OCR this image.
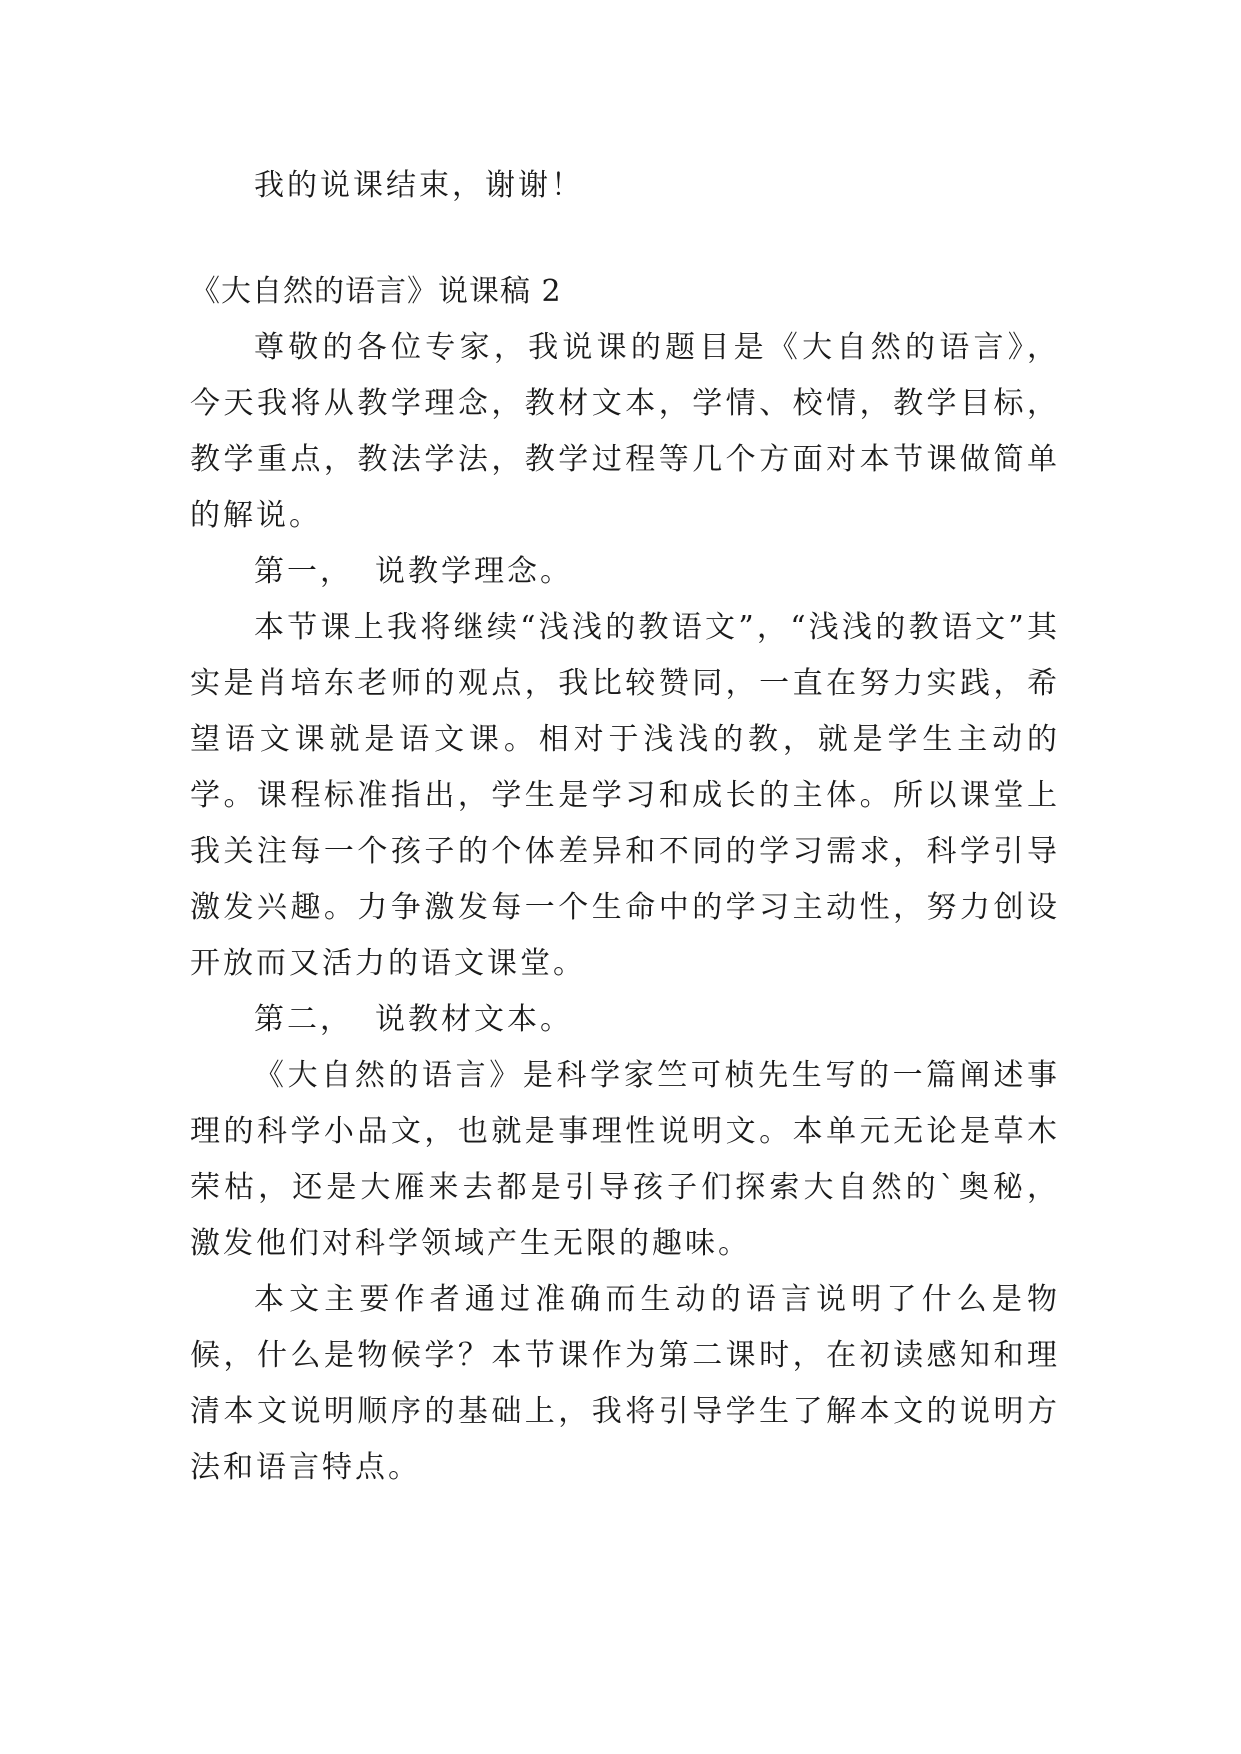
我的说课结束，谢谢！

《大自然的语言》说课稿 2

尊敬的各位专家，我说课的题目是《大自然的语言》，今天我将从教学理念，教材文本，学情、校情，教学目标，教学重点，教法学法，教学过程等几个方面对本节课做简单的解说。

第一， 说教学理念。

本节课上我将继续“浅浅的教语文”，“浅浅的教语文”其实是肖培东老师的观点，我比较赞同，一直在努力实践，希望语文课就是语文课。相对于浅浅的教，就是学生主动的学。课程标准指出，学生是学习和成长的主体。所以课堂上我关注每一个孩子的个体差异和不同的学习需求，科学引导激发兴趣。力争激发每一个生命中的学习主动性，努力创设开放而又活力的语文课堂。

第二， 说教材文本。

《大自然的语言》是科学家竺可桢先生写的一篇阐述事理的科学小品文，也就是事理性说明文。本单元无论是草木荣枯，还是大雁来去都是引导孩子们探索大自然的`奥秘，激发他们对科学领域产生无限的趣味。

本文主要作者通过准确而生动的语言说明了什么是物候，什么是物候学？本节课作为第二课时，在初读感知和理清本文说明顺序的基础上，我将引导学生了解本文的说明方法和语言特点。
